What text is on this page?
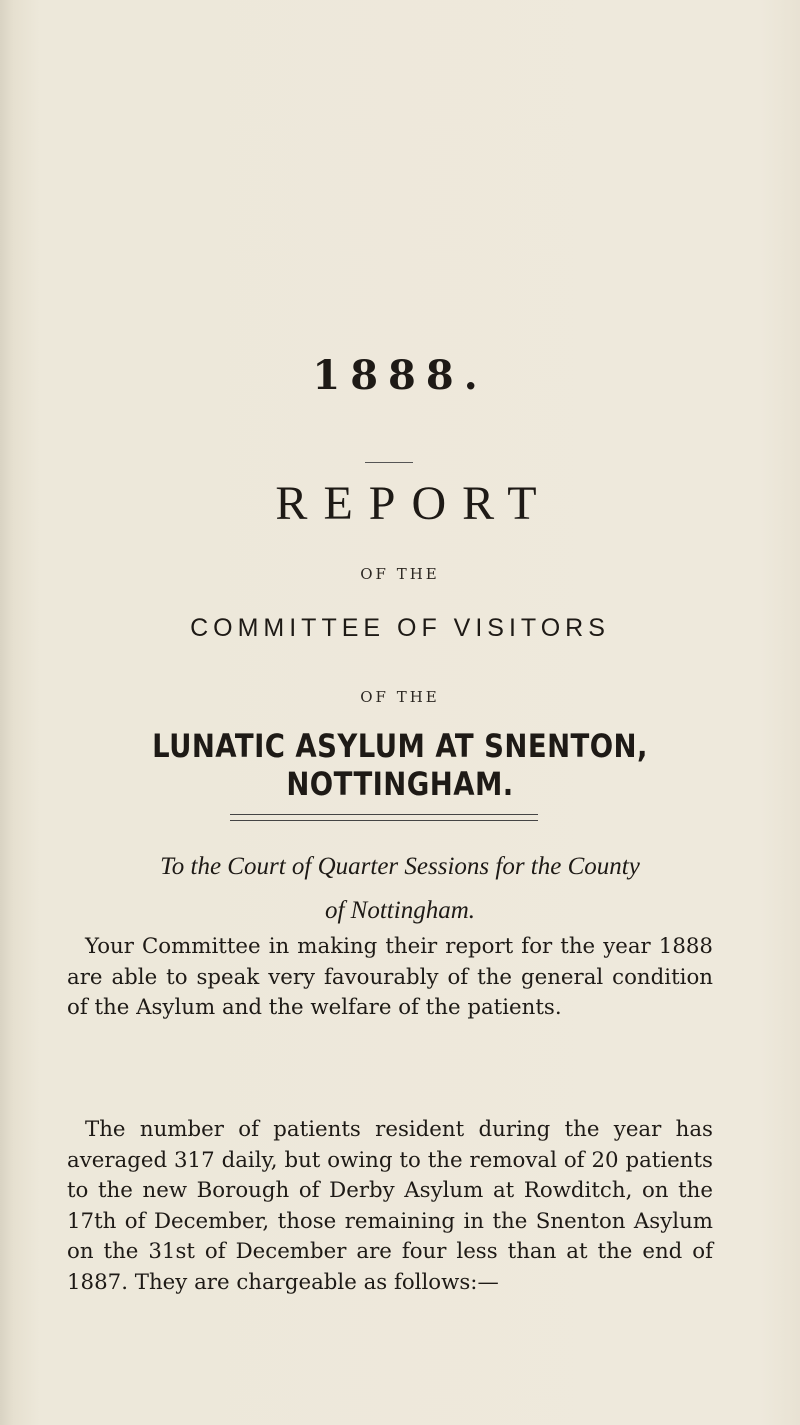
1888.
REPORT
OF THE
COMMITTEE OF VISITORS
OF THE
LUNATIC ASYLUM AT SNENTON, NOTTINGHAM.
To the Court of Quarter Sessions for the County
of Nottingham.

Your Committee in making their report for the year 1888 are able to speak very favourably of the general condition of the Asylum and the welfare of the patients.

The number of patients resident during the year has averaged 317 daily, but owing to the removal of 20 patients to the new Borough of Derby Asylum at Rowditch, on the 17th of December, those remaining in the Snenton Asylum on the 31st of December are four less than at the end of 1887. They are chargeable as follows:—
